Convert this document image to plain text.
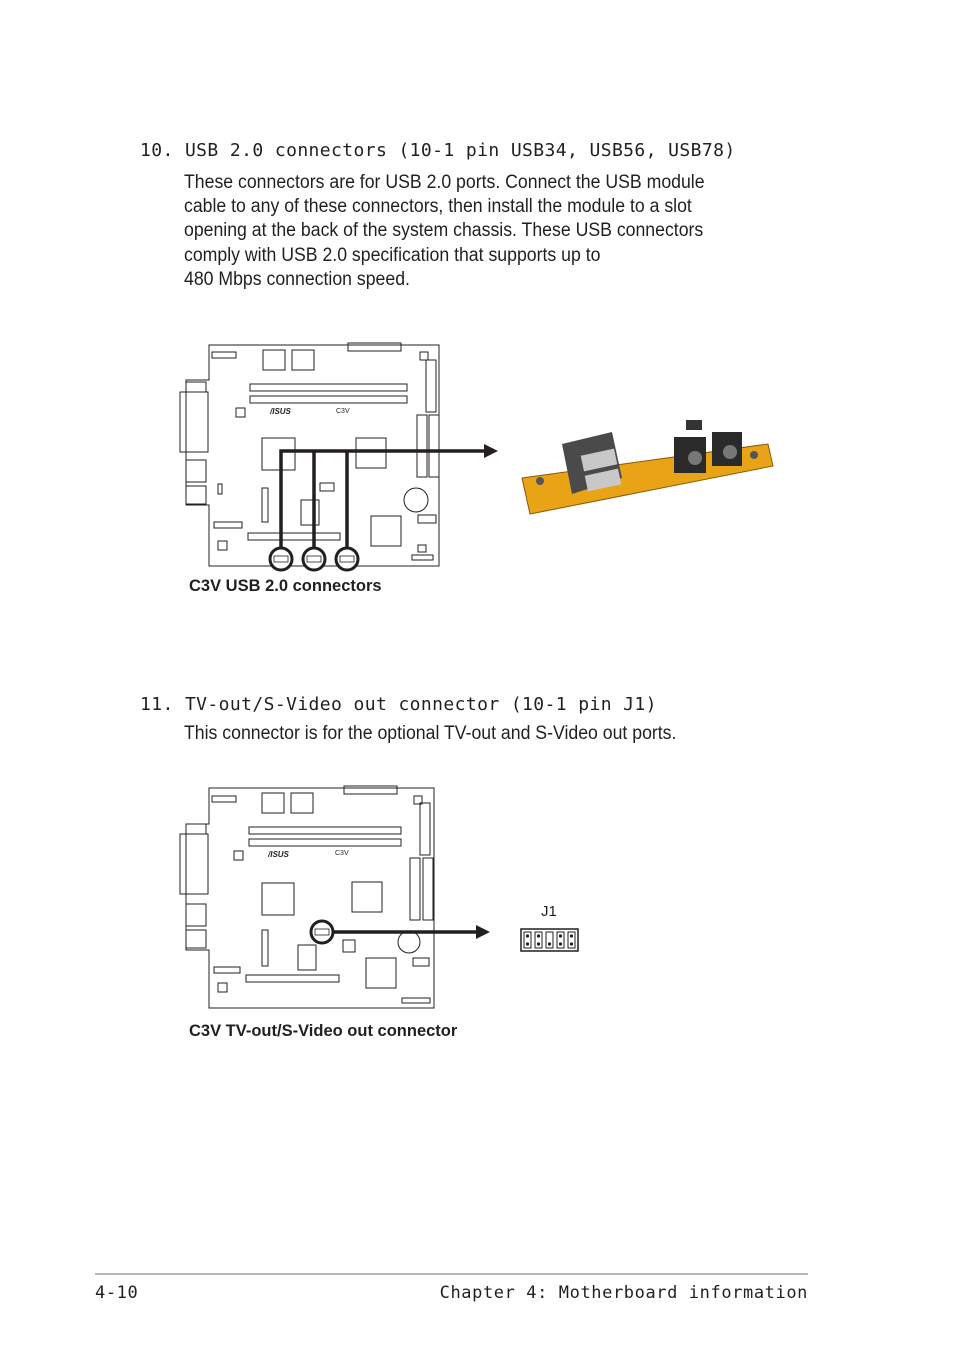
10. USB 2.0 connectors (10-1 pin USB34, USB56, USB78)
These connectors are for USB 2.0 ports. Connect the USB module
cable to any of these connectors, then install the module to a slot
opening at the back of the system chassis. These USB connectors
comply with USB 2.0 specification that supports up to
480 Mbps connection speed.
C3V
/ISUS
C3V USB 2.0 connectors
11. TV-out/S-Video out connector (10-1 pin J1)
This connector is for the optional TV-out and S-Video out ports.
C3V
/ISUS
J1
C3V TV-out/S-Video out connector
4-10	Chapter 4: Motherboard information
